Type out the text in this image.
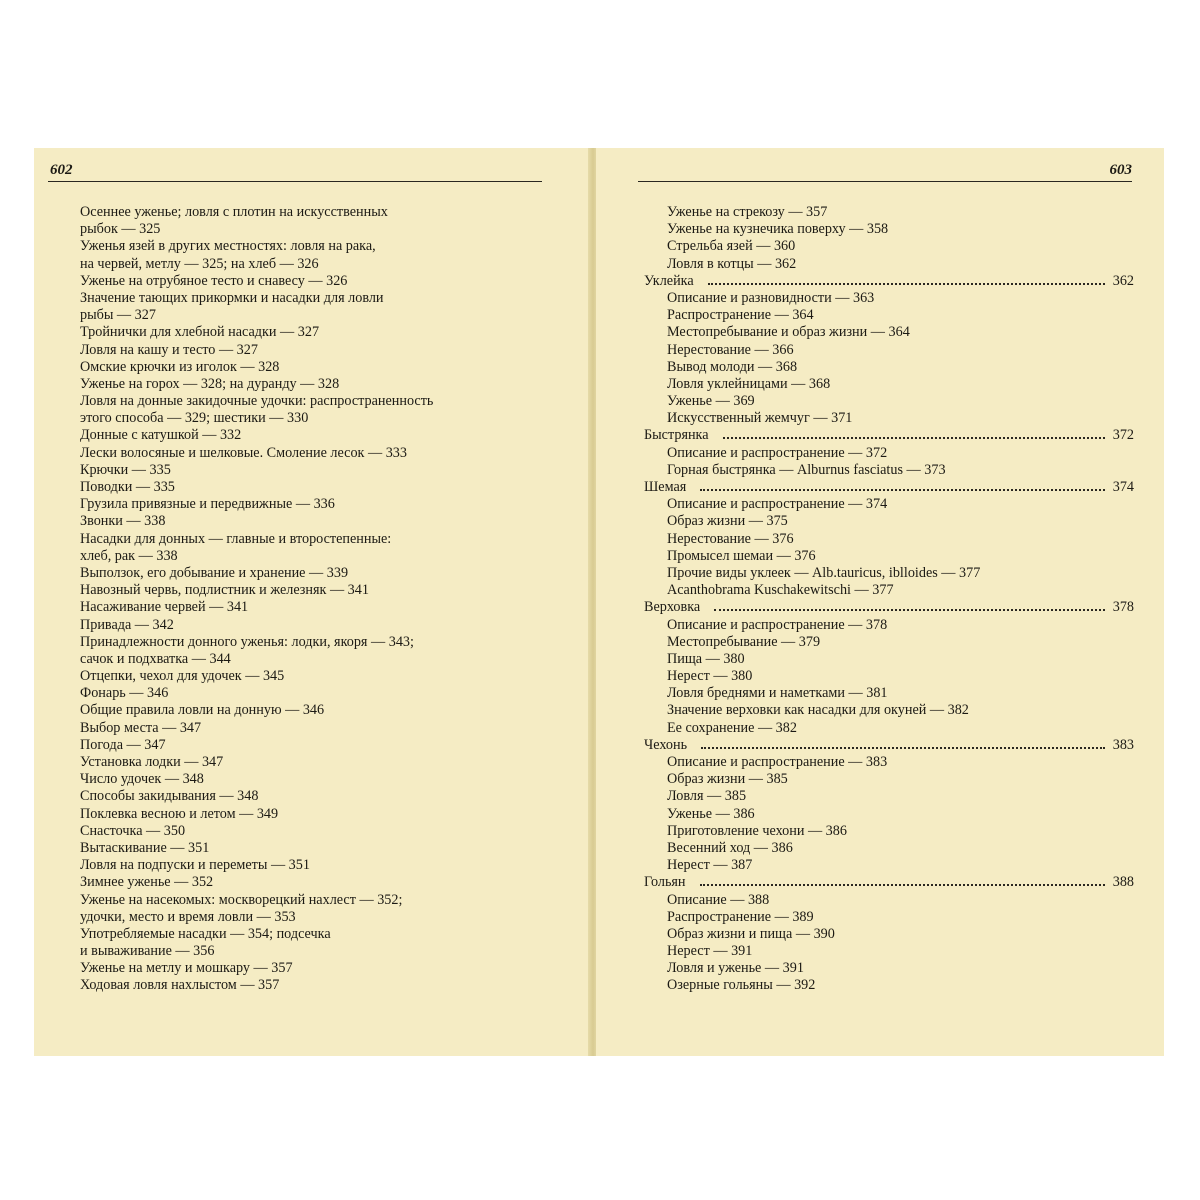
602
Осеннее уженье; ловля с плотин на искусственных
рыбок — 325
Уженья язей в других местностях: ловля на рака,
на червей, метлу — 325; на хлеб — 326
Уженье на отрубяное тесто и снавесу — 326
Значение тающих прикормки и насадки для ловли
рыбы — 327
Тройнички для хлебной насадки — 327
Ловля на кашу и тесто — 327
Омские крючки из иголок — 328
Уженье на горох — 328; на дуранду — 328
Ловля на донные закидочные удочки: распространенность
этого способа — 329; шестики — 330
Донные с катушкой — 332
Лески волосяные и шелковые. Смоление лесок — 333
Крючки — 335
Поводки — 335
Грузила привязные и передвижные — 336
Звонки — 338
Насадки для донных — главные и второстепенные:
хлеб, рак — 338
Выползок, его добывание и хранение — 339
Навозный червь, подлистник и железняк — 341
Насаживание червей — 341
Привада — 342
Принадлежности донного уженья: лодки, якоря — 343;
сачок и подхватка — 344
Отцепки, чехол для удочек — 345
Фонарь — 346
Общие правила ловли на донную — 346
Выбор места — 347
Погода — 347
Установка лодки — 347
Число удочек — 348
Способы закидывания — 348
Поклевка весною и летом — 349
Снасточка — 350
Вытаскивание — 351
Ловля на подпуски и переметы — 351
Зимнее уженье — 352
Уженье на насекомых: москворецкий нахлест — 352;
удочки, место и время ловли — 353
Употребляемые насадки — 354; подсечка
и вываживание — 356
Уженье на метлу и мошкару — 357
Ходовая ловля нахлыстом — 357
603
Уженье на стрекозу — 357
Уженье на кузнечика поверху — 358
Стрельба язей — 360
Ловля в котцы — 362
Уклейка	362
Описание и разновидности — 363
Распространение — 364
Местопребывание и образ жизни — 364
Нерестование — 366
Вывод молоди — 368
Ловля уклейницами — 368
Уженье — 369
Искусственный жемчуг — 371
Быстрянка	372
Описание и распространение — 372
Горная быстрянка — Alburnus fasciatus — 373
Шемая	374
Описание и распространение — 374
Образ жизни — 375
Нерестование — 376
Промысел шемаи — 376
Прочие виды уклеек — Alb.tauricus, iblloides — 377
Acanthobrama Kuschakewitschi — 377
Верховка	378
Описание и распространение — 378
Местопребывание — 379
Пища — 380
Нерест — 380
Ловля бреднями и наметками — 381
Значение верховки как насадки для окуней — 382
Ее сохранение — 382
Чехонь	383
Описание и распространение — 383
Образ жизни — 385
Ловля — 385
Уженье — 386
Приготовление чехони — 386
Весенний ход — 386
Нерест — 387
Гольян	388
Описание — 388
Распространение — 389
Образ жизни и пища — 390
Нерест — 391
Ловля и уженье — 391
Озерные гольяны — 392
